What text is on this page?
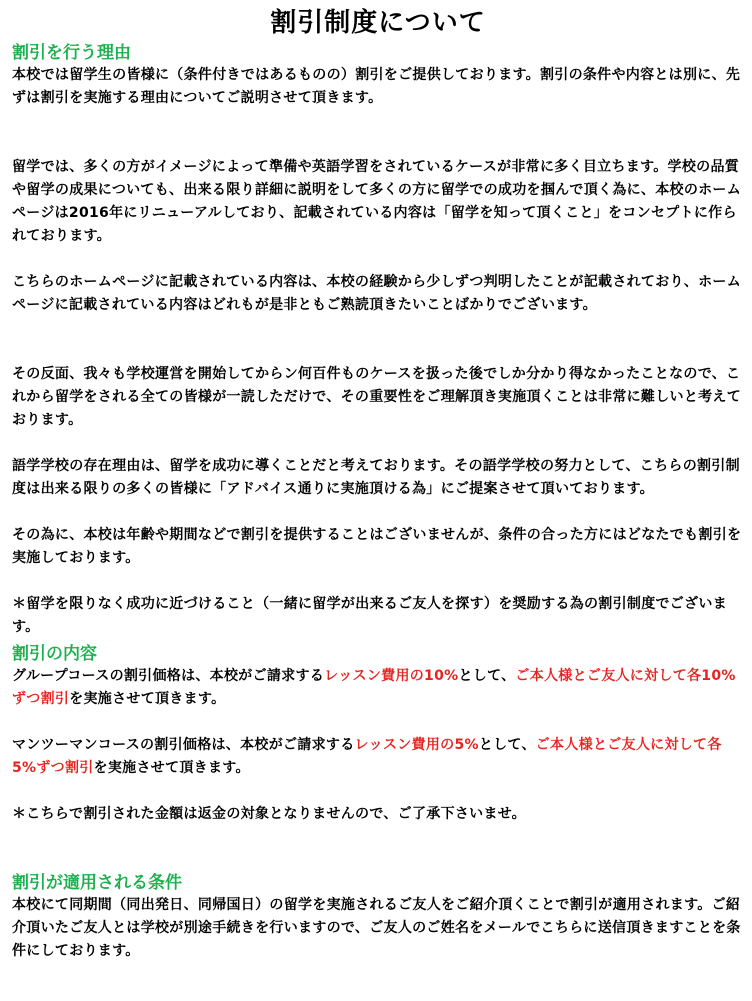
割引制度について
割引を行う理由

本校では留学生の皆様に（条件付きではあるものの）割引をご提供しております。割引の条件や内容とは別に、先ずは割引を実施する理由についてご説明させて頂きます。

留学では、多くの方がイメージによって準備や英語学習をされているケースが非常に多く目立ちます。学校の品質や留学の成果についても、出来る限り詳細に説明をして多くの方に留学での成功を掴んで頂く為に、本校のホームページは2016年にリニューアルしており、記載されている内容は「留学を知って頂くこと」をコンセプトに作られております。

こちらのホームページに記載されている内容は、本校の経験から少しずつ判明したことが記載されており、ホームページに記載されている内容はどれもが是非ともご熟読頂きたいことばかりでございます。

その反面、我々も学校運営を開始してからン何百件ものケースを扱った後でしか分かり得なかったことなので、これから留学をされる全ての皆様が一読しただけで、その重要性をご理解頂き実施頂くことは非常に難しいと考えております。

語学学校の存在理由は、留学を成功に導くことだと考えております。その語学学校の努力として、こちらの割引制度は出来る限りの多くの皆様に「アドバイス通りに実施頂ける為」にご提案させて頂いております。

その為に、本校は年齢や期間などで割引を提供することはございませんが、条件の合った方にはどなたでも割引を実施しております。

＊留学を限りなく成功に近づけること（一緒に留学が出来るご友人を探す）を奨励する為の割引制度でございます。

割引の内容

グループコースの割引価格は、本校がご請求するレッスン費用の10%として、ご本人様とご友人に対して各10%ずつ割引を実施させて頂きます。

マンツーマンコースの割引価格は、本校がご請求するレッスン費用の5%として、ご本人様とご友人に対して各5%ずつ割引を実施させて頂きます。

＊こちらで割引された金額は返金の対象となりませんので、ご了承下さいませ。

割引が適用される条件

本校にて同期間（同出発日、同帰国日）の留学を実施されるご友人をご紹介頂くことで割引が適用されます。ご紹介頂いたご友人とは学校が別途手続きを行いますので、ご友人のご姓名をメールでこちらに送信頂きますことを条件にしております。
